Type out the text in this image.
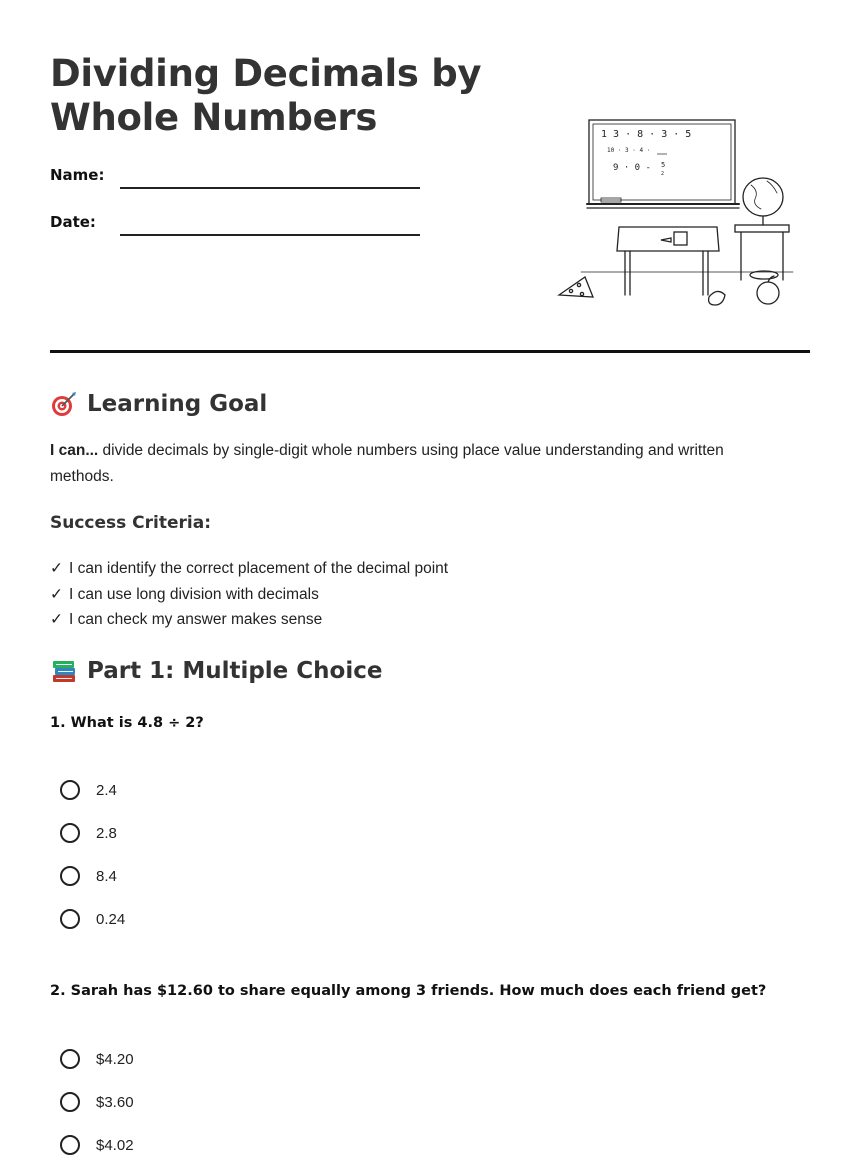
Dividing Decimals by Whole Numbers
Name:
Date:
1 3 · 8 · 3 · 5
10 · 3 · 4 ·
9 · 0 - 5
2
Learning Goal

I can... divide decimals by single-digit whole numbers using place value understanding and written methods.

Success Criteria:
✓ I can identify the correct placement of the decimal point
✓ I can use long division with decimals
✓ I can check my answer makes sense
Part 1: Multiple Choice

1. What is 4.8 ÷ 2?

2.4
2.8
8.4
0.24

2. Sarah has $12.60 to share equally among 3 friends. How much does each friend get?

$4.20
$3.60
$4.02
